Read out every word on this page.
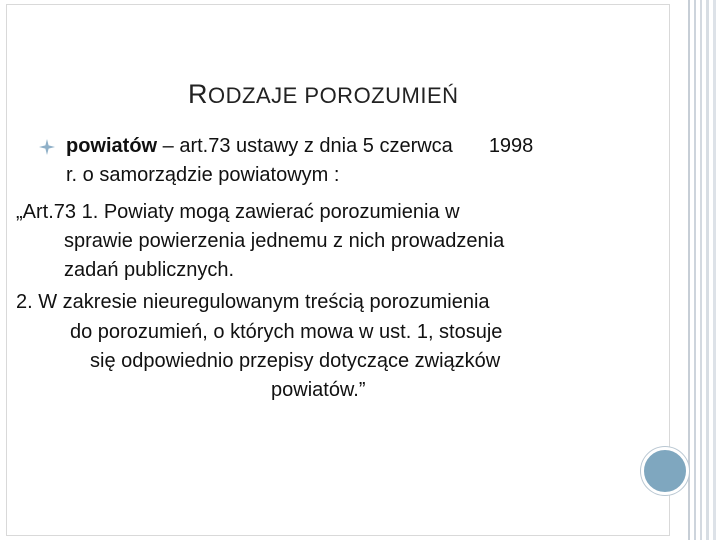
RODZAJE POROZUMIEŃ
powiatów – art.73 ustawy z dnia 5 czerwca 1998
r. o samorządzie powiatowym :
„Art.73 1. Powiaty mogą zawierać porozumienia w
sprawie powierzenia jednemu z nich prowadzenia
zadań publicznych.
2. W zakresie nieuregulowanym treścią porozumienia
do porozumień, o których mowa w ust. 1, stosuje
się odpowiednio przepisy dotyczące związków
powiatów.”
